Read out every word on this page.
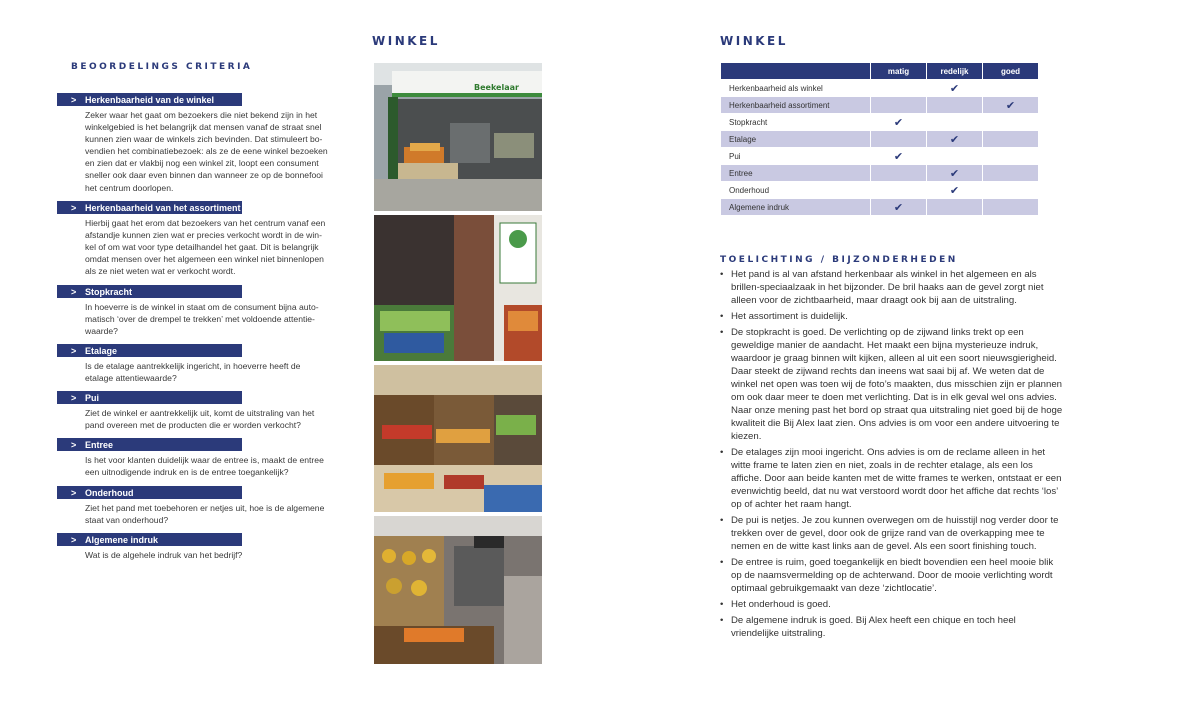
WINKEL
BEOORDELINGS CRITERIA
> Herkenbaarheid van de winkel
Zeker waar het gaat om bezoekers die niet bekend zijn in het
winkelgebied is het belangrijk dat mensen vanaf de straat snel
kunnen zien waar de winkels zich bevinden. Dat stimuleert bo-
vendien het combinatiebezoek: als ze de eene winkel bezoeken
en zien dat er vlakbij nog een winkel zit, loopt een consument
sneller ook daar even binnen dan wanneer ze op de bonnefooi
het centrum doorlopen.
> Herkenbaarheid van het assortiment
Hierbij gaat het erom dat bezoekers van het centrum vanaf een
afstandje kunnen zien wat er precies verkocht wordt in de win-
kel of om wat voor type detailhandel het gaat. Dit is belangrijk
omdat mensen over het algemeen een winkel niet binnenlopen
als ze niet weten wat er verkocht wordt.
> Stopkracht
In hoeverre is de winkel in staat om de consument bijna auto-
matisch ‘over de drempel te trekken’ met voldoende attentie-
waarde?
> Etalage
Is de etalage aantrekkelijk ingericht, in hoeverre heeft de
etalage attentiewaarde?
> Pui
Ziet de winkel er aantrekkelijk uit, komt de uitstraling van het
pand overeen met de producten die er worden verkocht?
> Entree
Is het voor klanten duidelijk waar de entree is, maakt de entree
een uitnodigende indruk en is de entree toegankelijk?
> Onderhoud
Ziet het pand met toebehoren er netjes uit, hoe is de algemene
staat van onderhoud?
> Algemene indruk
Wat is de algehele indruk van het bedrijf?
Beekelaar
WINKEL
	matig	redelijk	goed
Herkenbaarheid als winkel		✔	
Herkenbaarheid assortiment			✔
Stopkracht	✔		
Etalage		✔	
Pui	✔		
Entree		✔	
Onderhoud		✔	
Algemene indruk	✔		
TOELICHTING / BIJZONDERHEDEN
• Het pand is al van afstand herkenbaar als winkel in het algemeen en als brillen-speciaalzaak in het bijzonder. De bril haaks aan de gevel zorgt niet alleen voor de zichtbaarheid, maar draagt ook bij aan de uitstraling.
• Het assortiment is duidelijk.
• De stopkracht is goed. De verlichting op de zijwand links trekt op een geweldige manier de aandacht. Het maakt een bijna mysterieuze indruk, waardoor je graag binnen wilt kijken, alleen al uit een soort nieuwsgierigheid. Daar steekt de zijwand rechts dan ineens wat saai bij af. We weten dat de winkel net open was toen wij de foto’s maakten, dus misschien zijn er plannen om ook daar meer te doen met verlichting. Dat is in elk geval wel ons advies. Naar onze mening past het bord op straat qua uitstraling niet goed bij de hoge kwaliteit die Bij Alex laat zien. Ons advies is om voor een andere uitvoering te kiezen.
• De etalages zijn mooi ingericht. Ons advies is om de reclame alleen in het witte frame te laten zien en niet, zoals in de rechter etalage, als een los affiche. Door aan beide kanten met de witte frames te werken, ontstaat er een evenwichtig beeld, dat nu wat verstoord wordt door het affiche dat rechts ‘los’ op of achter het raam hangt.
• De pui is netjes. Je zou kunnen overwegen om de huisstijl nog verder door te trekken over de gevel, door ook de grijze rand van de overkapping mee te nemen en de witte kast links aan de gevel. Als een soort finishing touch.
• De entree is ruim, goed toegankelijk en biedt bovendien een heel mooie blik op de naamsvermelding op de achterwand. Door de mooie verlichting wordt optimaal gebruikgemaakt van deze ‘zichtlocatie’.
• Het onderhoud is goed.
• De algemene indruk is goed. Bij Alex heeft een chique en toch heel vriendelijke uitstraling.
